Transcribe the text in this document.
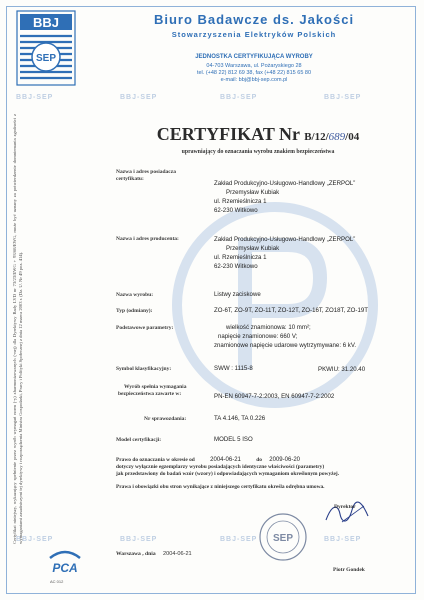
BBJ
SEP
Biuro Badawcze ds. Jakości
Stowarzyszenia Elektryków Polskich
JEDNOSTKA CERTYFIKUJĄCA WYROBY
04-703 Warszawa, ul. Pożaryskiego 28
tel. (+48 22) 812 69 38, fax (+48 22) 815 65 80
e-mail: bbj@bbj-sep.com.pl
BBJ-SEP	BBJ-SEP	BBJ-SEP	BBJ-SEP
BBJ-SEP	BBJ-SEP	BBJ-SEP	BBJ-SEP
Certyfikat niniejszy, wykazujący spełnienie przez wyrób wymagań norm (-y) zharmonizowanych (-nej) dla Dyrektywy Rady LVD nr 73/23/EWG + 93/68/EWG, może być uznany za potwierdzenie domniemania zgodności z wymaganiami zasadniczymi tej dyrektywy i rozporządzenia Ministra Gospodarki, Pracy i Polityki Społecznej z dnia 12 marca 2003 r. (Dz. U. Nr 49 poz. 414).
CERTYFIKAT Nr B/12/689/04
uprawniający do oznaczania wyrobu znakiem bezpieczeństwa
Nazwa i adres posiadacza
certyfikatu:
Zakład Produkcyjno-Usługowo-Handlowy „ZERPOL”
Przemysław Kubiak
ul. Rzemieślnicza 1
62-230 Witkowo
Nazwa i adres producenta:	Zakład Produkcyjno-Usługowo-Handlowy „ZERPOL”
Przemysław Kubiak
ul. Rzemieślnicza 1
62-230 Witkowo
Nazwa wyrobu:	Listwy zaciskowe
Typ (odmiany):	ZO-6T, ZO-9T, ZO-11T, ZO-12T, ZO-16T, ZO18T, ZO-19T
Podstawowe parametry:	wielkość znamionowa: 10 mm²;
napięcie znamionowe: 660 V;
znamionowe napięcie udarowe wytrzymywane: 6 kV.
Symbol klasyfikacyjny:	SWW : 1115-8	PKWIU: 31.20.40
Wyrób spełnia wymagania
bezpieczeństwa zawarte w:	PN-EN 60947-7-2:2003, EN 60947-7-2:2002
Nr sprawozdania:	TA 4.146, TA 0.226
Model certyfikacji:	MODEL 5 ISO
Prawo do oznaczania w okresie od	2004-06-21	do 2009-06-20
dotyczy wyłącznie egzemplarzy wyrobu posiadających identyczne właściwości (parametry)
jak przedstawiony do badań wzór (wzory) i odpowiadających wymaganiom określonym powyżej.
Prawa i obowiązki obu stron wynikające z niniejszego certyfikatu określa odrębna umowa.
Dyrektor
Piotr Gondek
SEP
Warszawa , dnia 2004-06-21
PCA
AC 012
